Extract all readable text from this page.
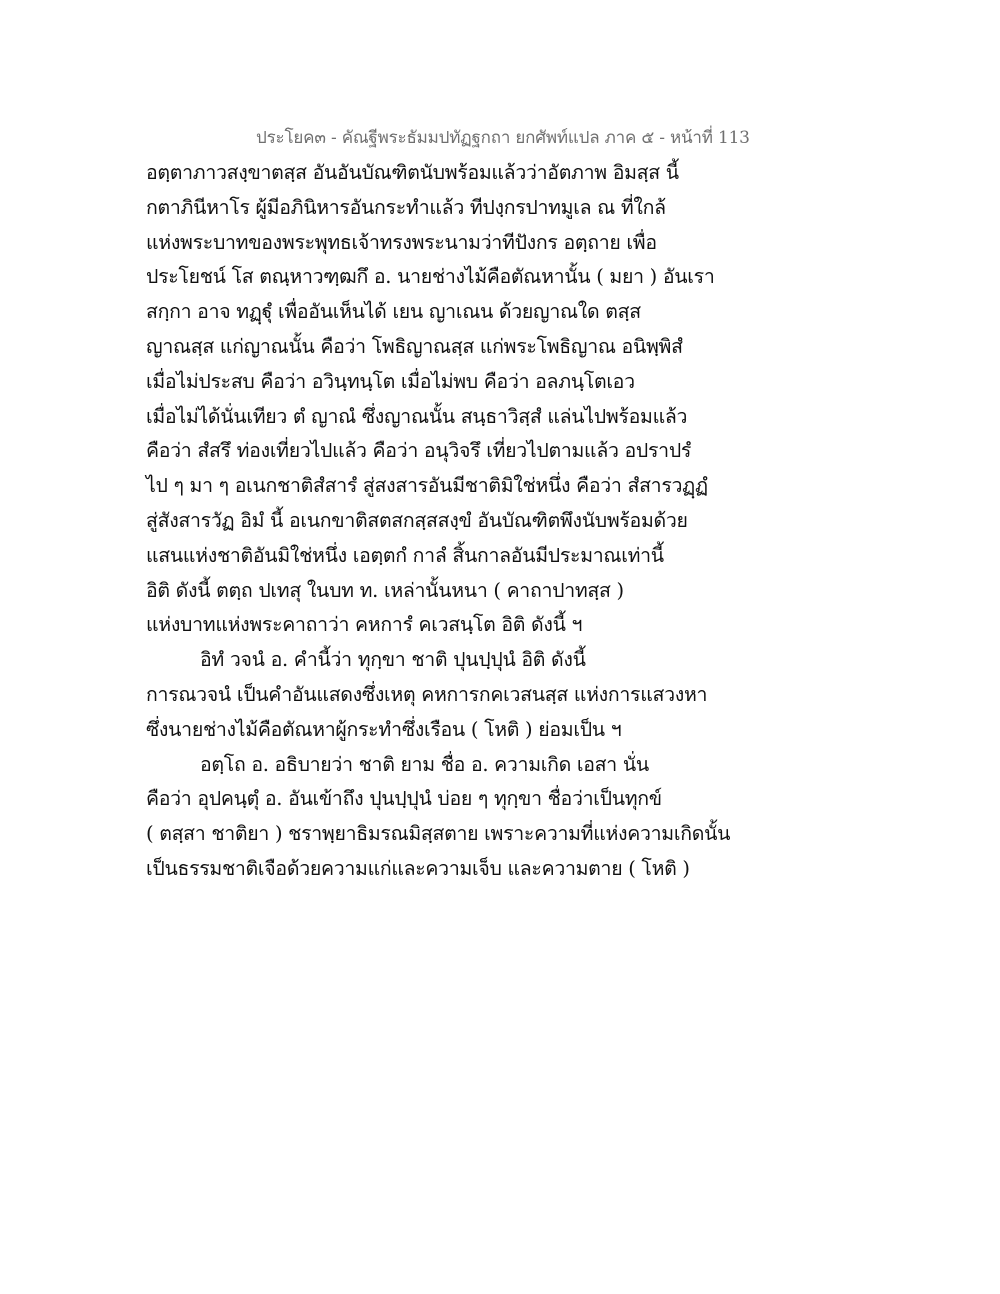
ประโยค๓ - คัณฐีพระธัมมปทัฏฐกถา ยกศัพท์แปล ภาค ๕ - หน้าที่ 113
อตฺตาภาวสงฺขาตสฺส อันอันบัณฑิตนับพร้อมแล้วว่าอัตภาพ อิมสฺส นี้
กตาภินีหาโร ผู้มีอภินิหารอันกระทำแล้ว ทีปงฺกรปาทมูเล ณ ที่ใกล้
แห่งพระบาทของพระพุทธเจ้าทรงพระนามว่าทีปังกร อตฺถาย เพื่อ
ประโยชน์ โส ตณฺหาวฑฺฒกึ อ. นายช่างไม้คือตัณหานั้น ( มยา ) อันเรา
สกฺกา อาจ ทฏฺฐุํ เพื่ออันเห็นได้ เยน ญาเณน ด้วยญาณใด ตสฺส
ญาณสฺส แก่ญาณนั้น คือว่า โพธิญาณสฺส แก่พระโพธิญาณ อนิพฺพิสํ
เมื่อไม่ประสบ คือว่า อวินฺทนฺโต เมื่อไม่พบ คือว่า อลภนฺโตเอว
เมื่อไม่ได้นั่นเทียว ตํ ญาณํ ซึ่งญาณนั้น สนฺธาวิสฺสํ แล่นไปพร้อมแล้ว
คือว่า สํสรึ ท่องเที่ยวไปแล้ว คือว่า อนุวิจรึ เที่ยวไปตามแล้ว อปราปรํ
ไป ๆ มา ๆ อเนกชาติสํสารํ สู่สงสารอันมีชาติมิใช่หนึ่ง คือว่า สํสารวฏฺฏํ
สู่สังสารวัฏ อิมํ นี้ อเนกขาติสตสกสฺสสงฺขํ อันบัณฑิตพึงนับพร้อมด้วย
แสนแห่งชาติอันมิใช่หนึ่ง เอตฺตกํ กาลํ สิ้นกาลอันมีประมาณเท่านี้
อิติ ดังนี้ ตตฺถ ปเทสุ ในบท ท. เหล่านั้นหนา ( คาถาปาทสฺส )
แห่งบาทแห่งพระคาถาว่า คหการํ คเวสนฺโต อิติ ดังนี้ ฯ
อิทํ วจนํ อ. คำนี้ว่า ทุกฺขา ชาติ ปุนปฺปุนํ อิติ ดังนี้
การณวจนํ เป็นคำอันแสดงซึ่งเหตุ คหการกคเวสนสฺส แห่งการแสวงหา
ซึ่งนายช่างไม้คือตัณหาผู้กระทำซึ่งเรือน ( โหติ ) ย่อมเป็น ฯ
อตฺโถ อ. อธิบายว่า ชาติ ยาม ชื่อ อ. ความเกิด เอสา นั่น
คือว่า อุปคนฺตุํ อ. อันเข้าถึง ปุนปฺปุนํ บ่อย ๆ ทุกฺขา ชื่อว่าเป็นทุกข์
( ตสฺสา ชาติยา ) ชราพฺยาธิมรณมิสฺสตาย เพราะความที่แห่งความเกิดนั้น
เป็นธรรมชาติเจือด้วยความแก่และความเจ็บ และความตาย ( โหติ )
